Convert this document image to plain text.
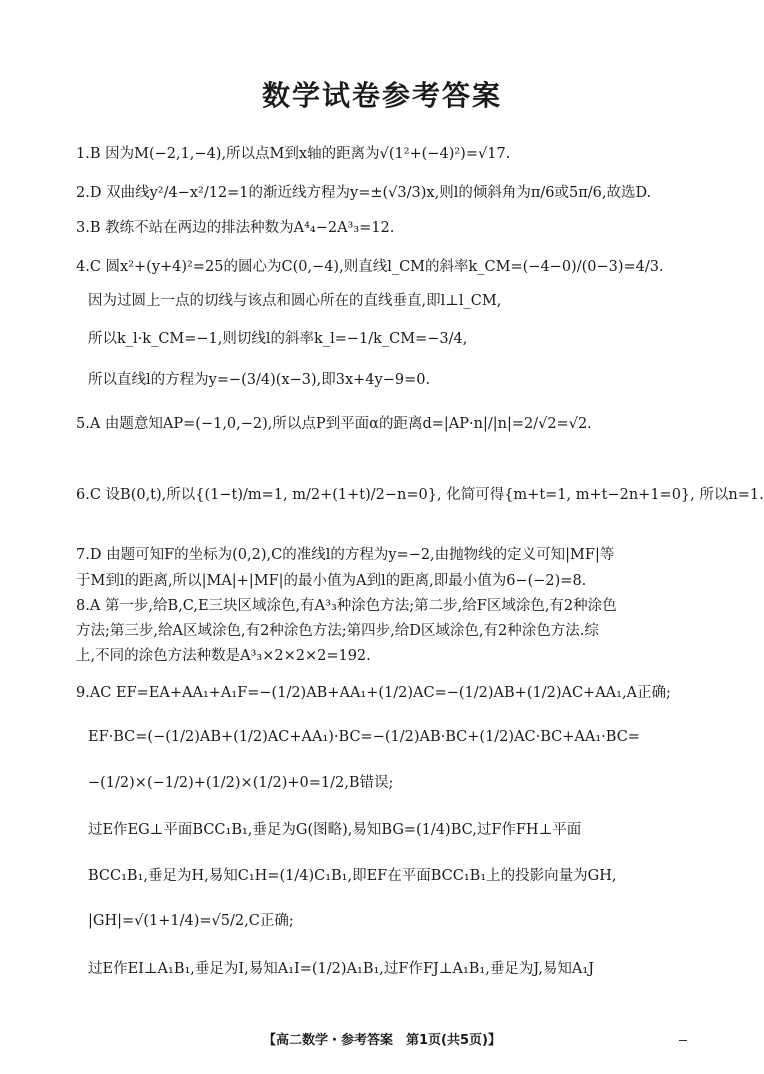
数学试卷参考答案
1.B 因为M(−2,1,−4),所以点M到x轴的距离为√(1²+(−4)²)=√17.
2.D 双曲线y²/4−x²/12=1的渐近线方程为y=±(√3/3)x,则l的倾斜角为π/6或5π/6,故选D.
3.B 教练不站在两边的排法种数为A⁴₄−2A³₃=12.
4.C 圆x²+(y+4)²=25的圆心为C(0,−4),则直线l_CM的斜率k_CM=(−4−0)/(0−3)=4/3.
因为过圆上一点的切线与该点和圆心所在的直线垂直,即l⊥l_CM,
所以k_l·k_CM=−1,则切线l的斜率k_l=−1/k_CM=−3/4,
所以直线l的方程为y=−(3/4)(x−3),即3x+4y−9=0.
5.A 由题意知AP=(−1,0,−2),所以点P到平面α的距离d=|AP·n|/|n|=2/√2=√2.
6.C 设B(0,t),所以{(1−t)/m=1, m/2+(1+t)/2−n=0}, 化简可得{m+t=1, m+t−2n+1=0}, 所以n=1.
7.D 由题可知F的坐标为(0,2),C的准线l的方程为y=−2,由抛物线的定义可知|MF|等
于M到l的距离,所以|MA|+|MF|的最小值为A到l的距离,即最小值为6−(−2)=8.
8.A 第一步,给B,C,E三块区域涂色,有A³₃种涂色方法;第二步,给F区域涂色,有2种涂色
方法;第三步,给A区域涂色,有2种涂色方法;第四步,给D区域涂色,有2种涂色方法.综
上,不同的涂色方法种数是A³₃×2×2×2=192.
9.AC EF=EA+AA₁+A₁F=−(1/2)AB+AA₁+(1/2)AC=−(1/2)AB+(1/2)AC+AA₁,A正确;
EF·BC=(−(1/2)AB+(1/2)AC+AA₁)·BC=−(1/2)AB·BC+(1/2)AC·BC+AA₁·BC=
−(1/2)×(−1/2)+(1/2)×(1/2)+0=1/2,B错误;
过E作EG⊥平面BCC₁B₁,垂足为G(图略),易知BG=(1/4)BC,过F作FH⊥平面
BCC₁B₁,垂足为H,易知C₁H=(1/4)C₁B₁,即EF在平面BCC₁B₁上的投影向量为GH,
|GH|=√(1+1/4)=√5/2,C正确;
过E作EI⊥A₁B₁,垂足为I,易知A₁I=(1/2)A₁B₁,过F作FJ⊥A₁B₁,垂足为J,易知A₁J
【高二数学・参考答案　第1页(共5页)】
